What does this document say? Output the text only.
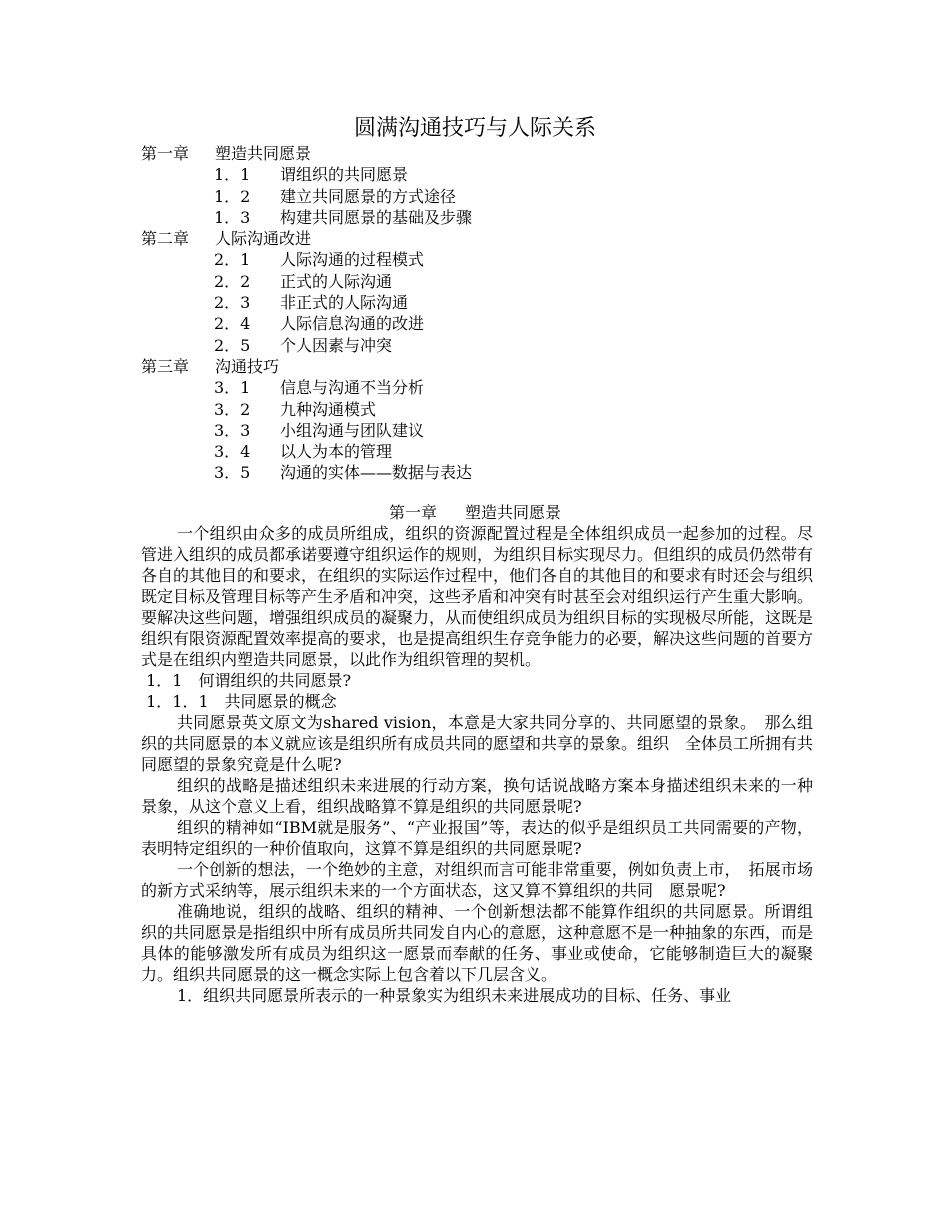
圆满沟通技巧与人际关系
第一章 塑造共同愿景
1．1 谓组织的共同愿景
1．2 建立共同愿景的方式途径
1．3 构建共同愿景的基础及步骤
第二章 人际沟通改进
2．1 人际沟通的过程模式
2．2 正式的人际沟通
2．3 非正式的人际沟通
2．4 人际信息沟通的改进
2．5 个人因素与冲突
第三章 沟通技巧
3．1 信息与沟通不当分析
3．2 九种沟通模式
3．3 小组沟通与团队建议
3．4 以人为本的管理
3．5 沟通的实体——数据与表达
第一章 塑造共同愿景

一个组织由众多的成员所组成，组织的资源配置过程是全体组织成员一起参加的过程。尽管进入组织的成员都承诺要遵守组织运作的规则，为组织目标实现尽力。但组织的成员仍然带有各自的其他目的和要求，在组织的实际运作过程中，他们各自的其他目的和要求有时还会与组织既定目标及管理目标等产生矛盾和冲突，这些矛盾和冲突有时甚至会对组织运行产生重大影响。要解决这些问题，增强组织成员的凝聚力，从而使组织成员为组织目标的实现极尽所能，这既是组织有限资源配置效率提高的要求，也是提高组织生存竞争能力的必要，解决这些问题的首要方式是在组织内塑造共同愿景，以此作为组织管理的契机。

1．1　何谓组织的共同愿景?
1．1．1　共同愿景的概念

共同愿景英文原文为shared vision，本意是大家共同分享的、共同愿望的景象。　那么组织的共同愿景的本义就应该是组织所有成员共同的愿望和共享的景象。组织　全体员工所拥有共同愿望的景象究竟是什么呢?

组织的战略是描述组织未来进展的行动方案，换句话说战略方案本身描述组织未来的一种景象，从这个意义上看，组织战略算不算是组织的共同愿景呢?

组织的精神如“IBM就是服务”、“产业报国”等，表达的似乎是组织员工共同需要的产物，表明特定组织的一种价值取向，这算不算是组织的共同愿景呢?

一个创新的想法，一个绝妙的主意，对组织而言可能非常重要，例如负责上市，　拓展市场的新方式采纳等，展示组织未来的一个方面状态，这又算不算组织的共同　愿景呢?

准确地说，组织的战略、组织的精神、一个创新想法都不能算作组织的共同愿景。所谓组织的共同愿景是指组织中所有成员所共同发自内心的意愿，这种意愿不是一种抽象的东西，而是具体的能够激发所有成员为组织这一愿景而奉献的任务、事业或使命，它能够制造巨大的凝聚力。组织共同愿景的这一概念实际上包含着以下几层含义。

1．组织共同愿景所表示的一种景象实为组织未来进展成功的目标、任务、事业
